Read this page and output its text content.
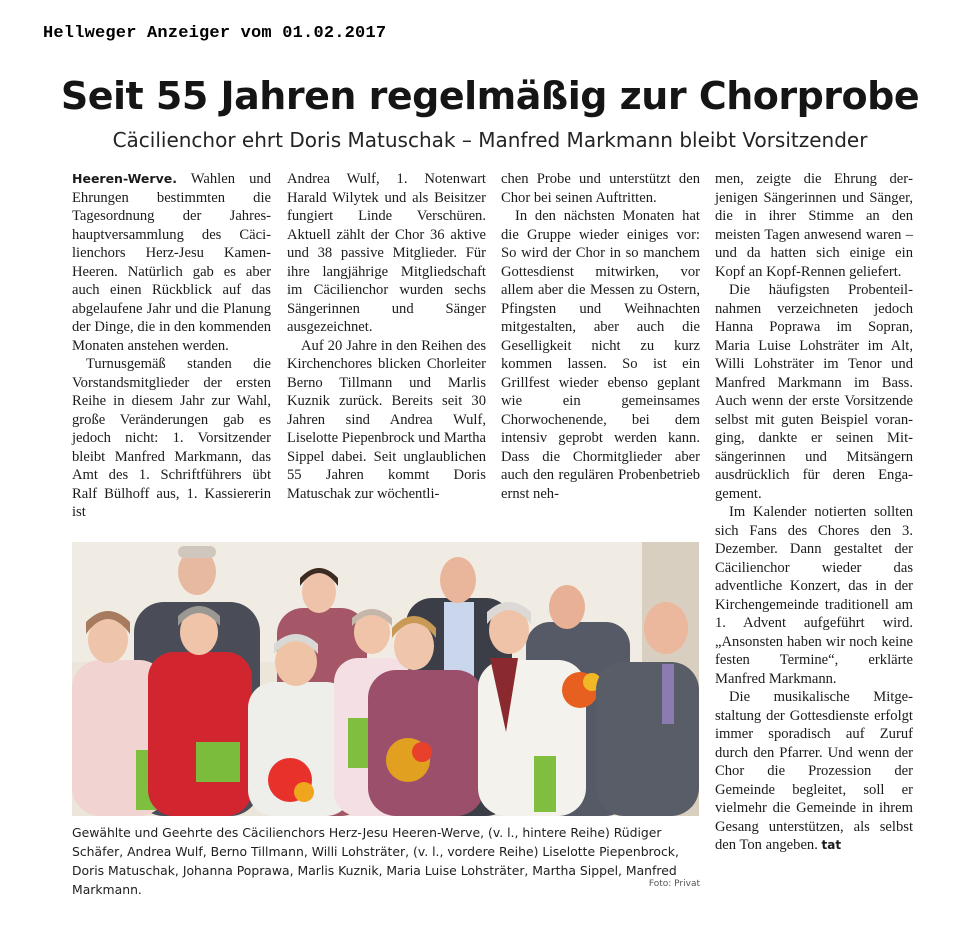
Hellweger Anzeiger vom 01.02.2017
Seit 55 Jahren regelmäßig zur Chorprobe
Cäcilienchor ehrt Doris Matuschak – Manfred Markmann bleibt Vorsitzender

Heeren-Werve. Wahlen und Ehrungen bestimmten die Tagesordnung der Jahreshauptversammlung des Cäcilienchors Herz-Jesu Kamen-Heeren. Natürlich gab es aber auch einen Rückblick auf das abgelaufene Jahr und die Planung der Dinge, die in den kommenden Monaten anstehen werden.

Turnusgemäß standen die Vorstandsmitglieder der ersten Reihe in diesem Jahr zur Wahl, große Veränderungen gab es jedoch nicht: 1. Vorsitzender bleibt Manfred Markmann, das Amt des 1. Schriftführers übt Ralf Bülhoff aus, 1. Kassiererin ist

Andrea Wulf, 1. Notenwart Harald Wilytek und als Beisitzer fungiert Linde Verschüren. Aktuell zählt der Chor 36 aktive und 38 passive Mitglieder. Für ihre langjährige Mitgliedschaft im Cäcilienchor wurden sechs Sängerinnen und Sänger ausgezeichnet.

Auf 20 Jahre in den Reihen des Kirchenchores blicken Chorleiter Berno Tillmann und Marlis Kuznik zurück. Bereits seit 30 Jahren sind Andrea Wulf, Liselotte Piepenbrock und Martha Sippel dabei. Seit unglaublichen 55 Jahren kommt Doris Matuschak zur wöchentli-

chen Probe und unterstützt den Chor bei seinen Auftritten.

In den nächsten Monaten hat die Gruppe wieder einiges vor: So wird der Chor in so manchem Gottesdienst mitwirken, vor allem aber die Messen zu Ostern, Pfingsten und Weihnachten mitgestalten, aber auch die Geselligkeit nicht zu kurz kommen lassen. So ist ein Grillfest wieder ebenso geplant wie ein gemeinsames Chorwochenende, bei dem intensiv geprobt werden kann. Dass die Chormitglieder aber auch den regulären Probenbetrieb ernst neh-

men, zeigte die Ehrung derjenigen Sängerinnen und Sänger, die in ihrer Stimme an den meisten Tagen anwesend waren – und da hatten sich einige ein Kopf an Kopf-Rennen geliefert.

Die häufigsten Probenteilnahmen verzeichneten jedoch Hanna Poprawa im Sopran, Maria Luise Lohsträter im Alt, Willi Lohsträter im Tenor und Manfred Markmann im Bass. Auch wenn der erste Vorsitzende selbst mit guten Beispiel voranging, dankte er seinen Mitsängerinnen und Mitsängern ausdrücklich für deren Engagement.

Im Kalender notierten sollten sich Fans des Chores den 3. Dezember. Dann gestaltet der Cäcilienchor wieder das adventliche Konzert, das in der Kirchengemeinde traditionell am 1. Advent aufgeführt wird. „Ansonsten haben wir noch keine festen Termine“, erklärte Manfred Markmann.

Die musikalische Mitgestaltung der Gottesdienste erfolgt immer sporadisch auf Zuruf durch den Pfarrer. Und wenn der Chor die Prozession der Gemeinde begleitet, soll er vielmehr die Gemeinde in ihrem Gesang unterstützen, als selbst den Ton angeben. tat

Gewählte und Geehrte des Cäcilienchors Herz-Jesu Heeren-Werve, (v. l., hintere Reihe) Rüdiger Schäfer, Andrea Wulf, Berno Tillmann, Willi Lohsträter, (v. l., vordere Reihe) Liselotte Piepenbrock, Doris Matuschak, Johanna Poprawa, Marlis Kuznik, Maria Luise Lohsträter, Martha Sippel, Manfred Markmann.	Foto: Privat
